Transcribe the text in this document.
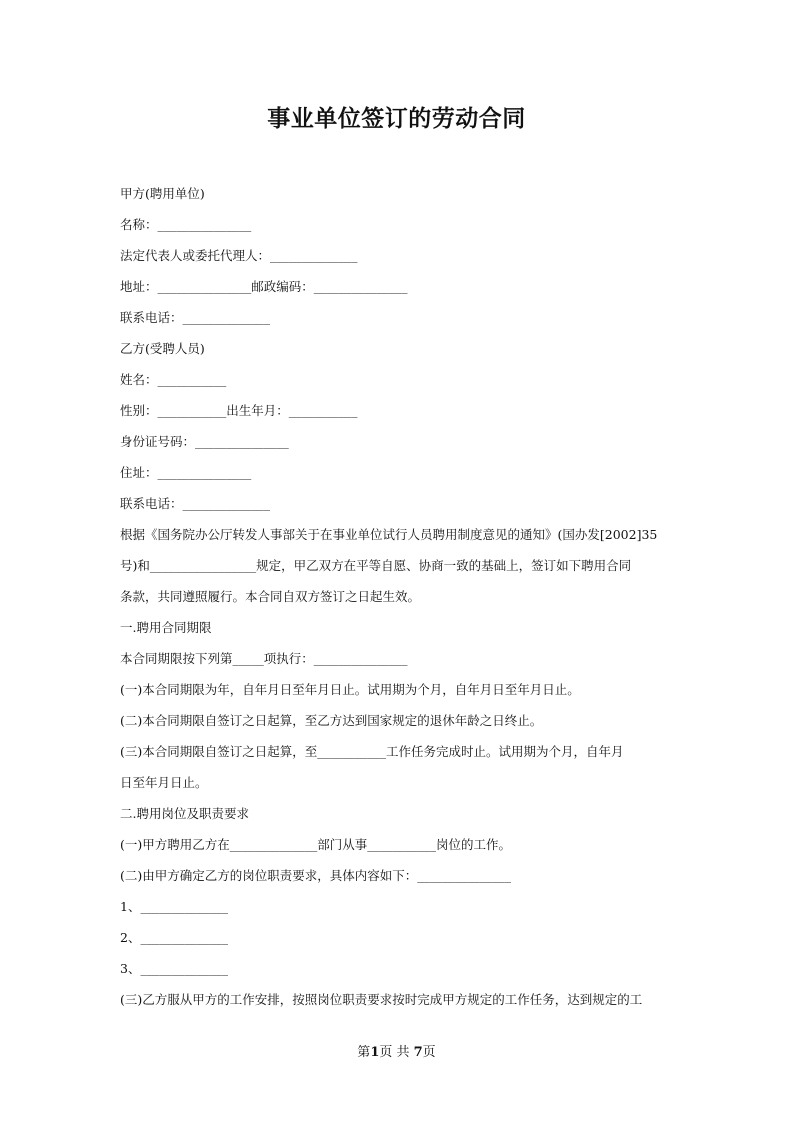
事业单位签订的劳动合同
甲方(聘用单位)
名称：_______________
法定代表人或委托代理人：______________
地址：_______________邮政编码：_______________
联系电话：______________
乙方(受聘人员)
姓名：___________
性别：___________出生年月：___________
身份证号码：_______________
住址：_______________
联系电话：______________
根据《国务院办公厅转发人事部关于在事业单位试行人员聘用制度意见的通知》(国办发[2002]35
号)和_________________规定，甲乙双方在平等自愿、协商一致的基础上，签订如下聘用合同
条款，共同遵照履行。本合同自双方签订之日起生效。
一.聘用合同期限
本合同期限按下列第_____项执行：_______________
(一)本合同期限为年，自年月日至年月日止。试用期为个月，自年月日至年月日止。
(二)本合同期限自签订之日起算，至乙方达到国家规定的退休年龄之日终止。
(三)本合同期限自签订之日起算，至___________工作任务完成时止。试用期为个月，自年月
日至年月日止。
二.聘用岗位及职责要求
(一)甲方聘用乙方在______________部门从事___________岗位的工作。
(二)由甲方确定乙方的岗位职责要求，具体内容如下：_______________
1、______________
2、______________
3、______________
(三)乙方服从甲方的工作安排，按照岗位职责要求按时完成甲方规定的工作任务，达到规定的工
第1页 共 7页
